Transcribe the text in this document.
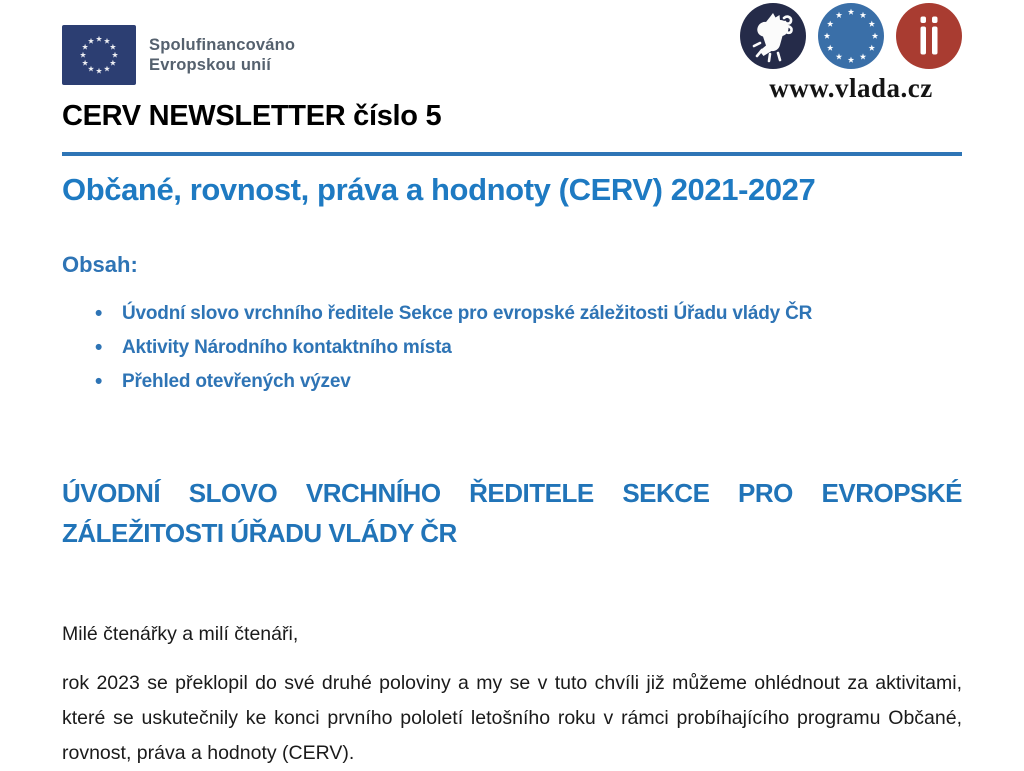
Spolufinancováno
Evropskou unií
www.vlada.cz
CERV NEWSLETTER číslo 5
Občané, rovnost, práva a hodnoty (CERV) 2021-2027
Obsah:
• Úvodní slovo vrchního ředitele Sekce pro evropské záležitosti Úřadu vlády ČR
• Aktivity Národního kontaktního místa
• Přehled otevřených výzev
ÚVODNÍ SLOVO VRCHNÍHO ŘEDITELE SEKCE PRO EVROPSKÉ ZÁLEŽITOSTI ÚŘADU VLÁDY ČR

Milé čtenářky a milí čtenáři,

rok 2023 se překlopil do své druhé poloviny a my se v tuto chvíli již můžeme ohlédnout za aktivitami, které se uskutečnily ke konci prvního pololetí letošního roku v rámci probíhajícího programu Občané, rovnost, práva a hodnoty (CERV).
